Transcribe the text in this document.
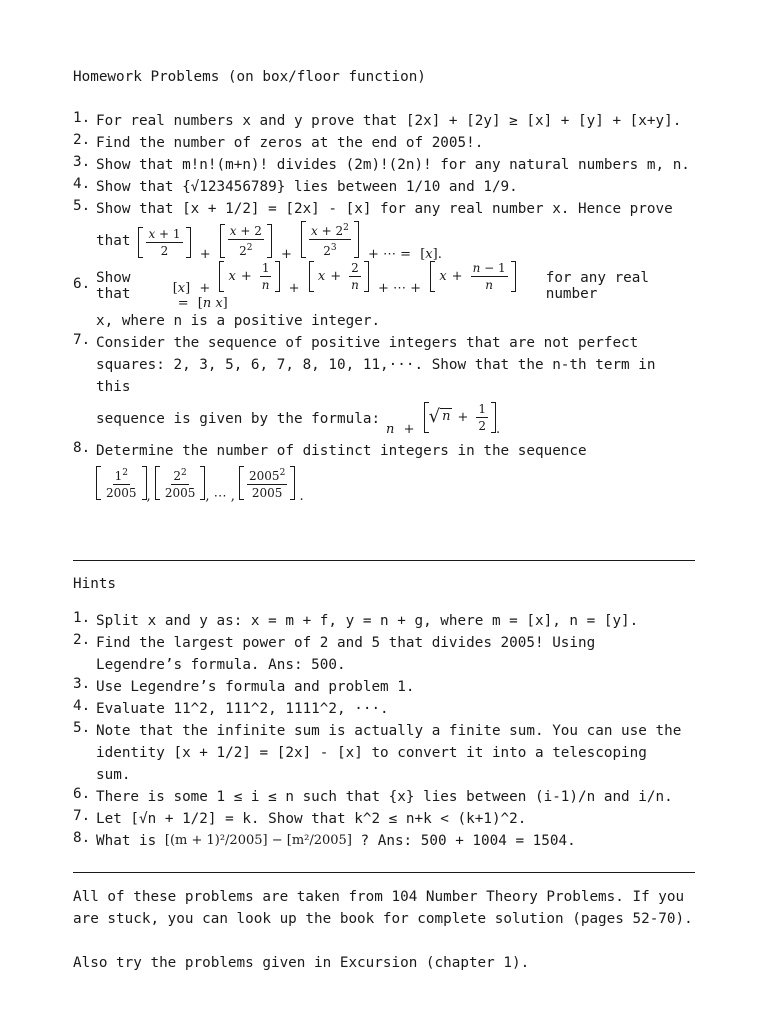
Homework Problems (on box/floor function)
1. For real numbers x and y prove that [2x] + [2y] ≥ [x] + [y] + [x+y].
2. Find the number of zeros at the end of 2005!.
3. Show that m!n!(m+n)! divides (2m)!(2n)! for any natural numbers m, n.
4. Show that {√123456789} lies between 1/10 and 1/9.
5. Show that [x + 1/2] = [2x] - [x] for any real number x. Hence prove
that $\frac{x + 1}{2} + \frac{x + 2}{2^2} + \frac{x + 2^2}{2^3}$ + ⋯ = [x].
6. Show that	[x] +

$x + \frac{1}{n}$ +

$x + \frac{2}{n}$ + ⋯ +

$x + \frac{n - 1}{n}$
= [n x]
for any real number
x, where n is a positive integer.
7. Consider the sequence of positive integers that are not perfect squares: 2, 3, 5, 6, 7, 8, 10, 11,···. Show that the n-th term in this
sequence is given by the formula:
n +
√ $n + \frac{1}{2}$ .
8. Determine the number of distinct integers in the sequence
$\frac{1^2}{2005}$ , $\frac{2^2}{2005}$ , ⋯ , $\frac{2005^2}{2005}$ .
Hints
1. Split x and y as: x = m + f, y = n + g, where m = [x], n = [y].
2. Find the largest power of 2 and 5 that divides 2005! Using Legendre’s formula. Ans: 500.
3. Use Legendre’s formula and problem 1.
4. Evaluate 11^2, 111^2, 1111^2, ···.
5. Note that the infinite sum is actually a finite sum. You can use the identity [x + 1/2] = [2x] - [x] to convert it into a telescoping sum.
6. There is some 1 ≤ i ≤ n such that {x} lies between (i-1)/n and i/n.
7. Let [√n + 1/2] = k. Show that k^2 ≤ n+k < (k+1)^2.
8. What is [(m + 1)²/2005] − [m²/2005] ? Ans: 500 + 1004 = 1504.
All of these problems are taken from 104 Number Theory Problems. If you are stuck, you can look up the book for complete solution (pages 52-70).
Also try the problems given in Excursion (chapter 1).
